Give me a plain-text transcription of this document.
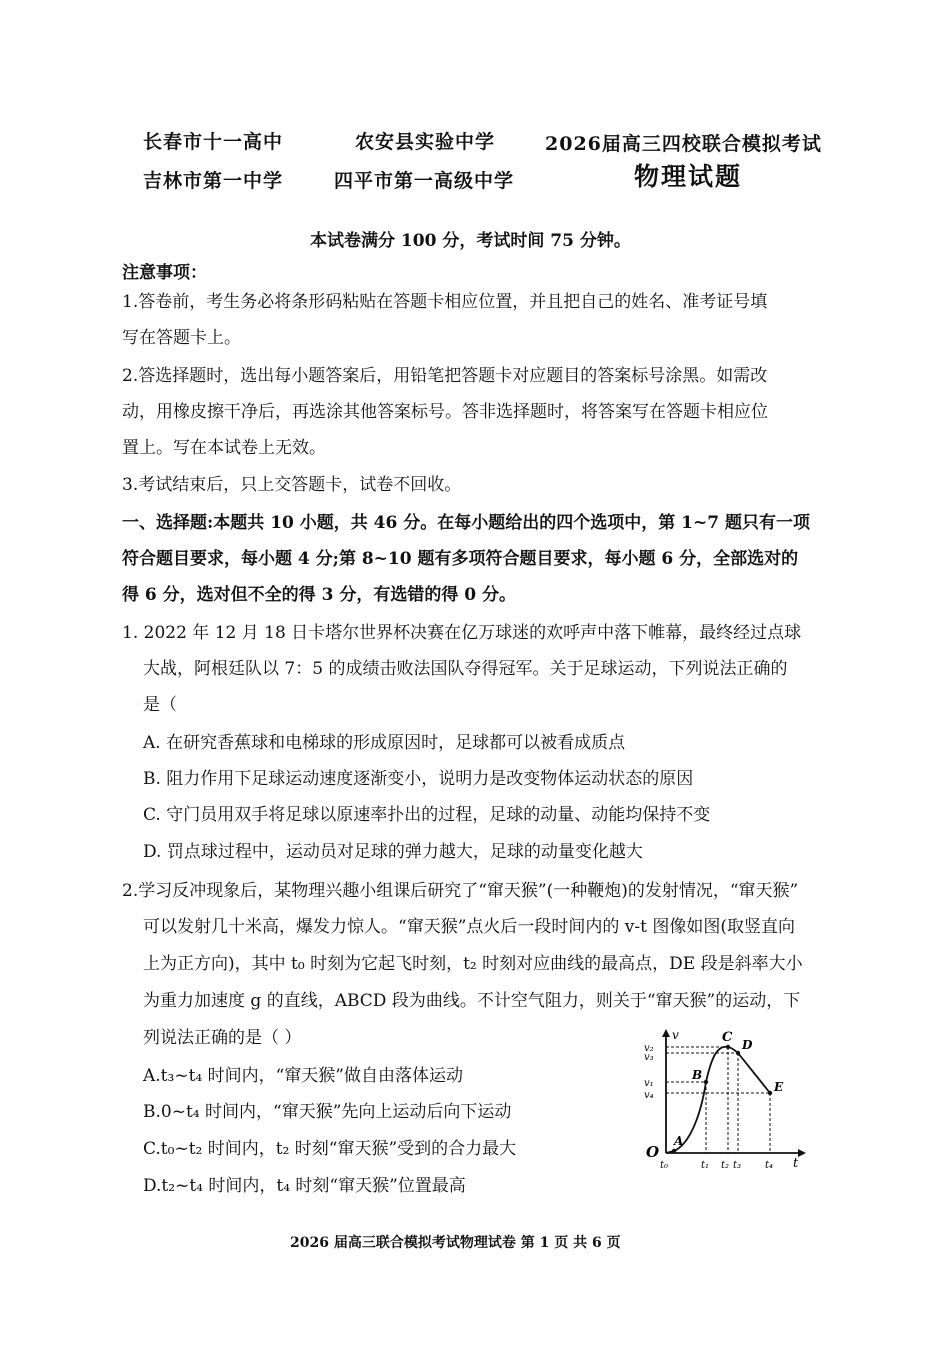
长春市十一高中	农安县实验中学	2026届高三四校联合模拟考试
吉林市第一中学	四平市第一高级中学	物理试题
本试卷满分 100 分，考试时间 75 分钟。
注意事项：
1.答卷前，考生务必将条形码粘贴在答题卡相应位置，并且把自己的姓名、准考证号填
写在答题卡上。
2.答选择题时，选出每小题答案后，用铅笔把答题卡对应题目的答案标号涂黑。如需改
动，用橡皮擦干净后，再选涂其他答案标号。答非选择题时，将答案写在答题卡相应位
置上。写在本试卷上无效。
3.考试结束后，只上交答题卡，试卷不回收。
一、选择题:本题共 10 小题，共 46 分。在每小题给出的四个选项中，第 1~7 题只有一项
符合题目要求，每小题 4 分;第 8~10 题有多项符合题目要求，每小题 6 分，全部选对的
得 6 分，选对但不全的得 3 分，有选错的得 0 分。
1. 2022 年 12 月 18 日卡塔尔世界杯决赛在亿万球迷的欢呼声中落下帷幕，最终经过点球
大战，阿根廷队以 7：5 的成绩击败法国队夺得冠军。关于足球运动，下列说法正确的
是（
A. 在研究香蕉球和电梯球的形成原因时，足球都可以被看成质点
B. 阻力作用下足球运动速度逐渐变小，说明力是改变物体运动状态的原因
C. 守门员用双手将足球以原速率扑出的过程，足球的动量、动能均保持不变
D. 罚点球过程中，运动员对足球的弹力越大，足球的动量变化越大
2.学习反冲现象后，某物理兴趣小组课后研究了“窜天猴”(一种鞭炮)的发射情况，“窜天猴”
可以发射几十米高，爆发力惊人。“窜天猴”点火后一段时间内的 v-t 图像如图(取竖直向
上为正方向)，其中 t₀ 时刻为它起飞时刻，t₂ 时刻对应曲线的最高点，DE 段是斜率大小
为重力加速度 g 的直线，ABCD 段为曲线。不计空气阻力，则关于“窜天猴”的运动，下
列说法正确的是（ ）
A.t₃~t₄ 时间内，“窜天猴”做自由落体运动
B.0~t₄ 时间内，“窜天猴”先向上运动后向下运动
C.t₀~t₂ 时间内，t₂ 时刻“窜天猴”受到的合力最大
D.t₂~t₄ 时间内，t₄ 时刻“窜天猴”位置最高
v
t
O
A
B
C D
E
v₂
v₃
v₁
v₄
t₀	t₁ t₂ t₃ t₄
2026 届高三联合模拟考试物理试卷 第 1 页 共 6 页
